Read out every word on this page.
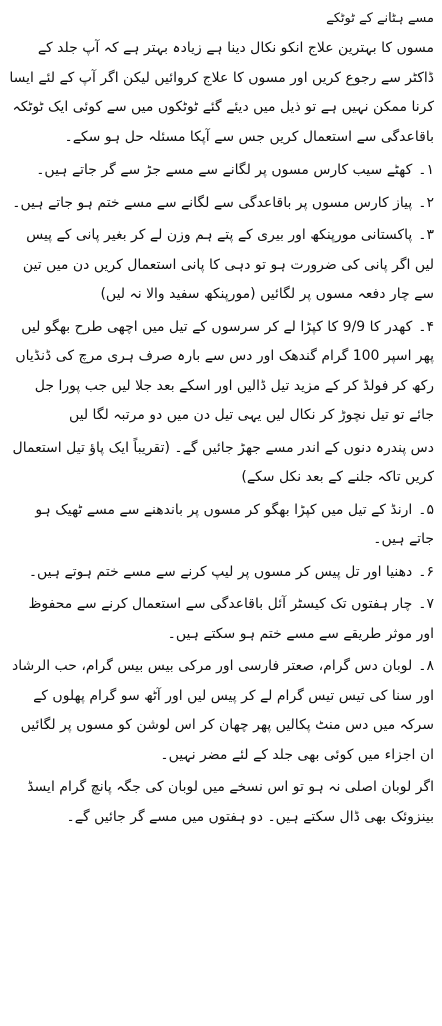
مسے ہٹانے کے ٹوٹکے
مسوں کا بہترین علاج انکو نکال دینا ہے زیادہ بہتر ہے کہ آپ جلد کے ڈاکٹر سے رجوع کریں اور مسوں کا علاج کروائیں لیکن اگر آپ کے لئے ایسا کرنا ممکن نہیں ہے تو ذیل میں دیئے گئے ٹوٹکوں میں سے کوئی ایک ٹوٹکہ باقاعدگی سے استعمال کریں جس سے آپکا مسئلہ حل ہو سکے۔
١۔کھٹے سیب کارس مسوں پر لگانے سے مسے جڑ سے گر جاتے ہیں۔
٢۔پیاز کارس مسوں پر باقاعدگی سے لگانے سے مسے ختم ہو جاتے ہیں۔
٣۔پاکستانی مورپنکھ اور بیری کے پتے ہم وزن لے کر بغیر پانی کے پیس لیں اگر پانی کی ضرورت ہو تو دہی کا پانی استعمال کریں دن میں تین سے چار دفعہ مسوں پر لگائیں (مورپنکھ سفید والا نہ لیں)
۴۔کھدر کا 9/9 کا کپڑا لے کر سرسوں کے تیل میں اچھی طرح بھگو لیں پھر اسپر 100 گرام گندھک اور دس سے بارہ صرف ہری مرچ کی ڈنڈیاں رکھ کر فولڈ کر کے مزید تیل ڈالیں اور اسکے بعد جلا لیں جب پورا جل جائے تو تیل نچوڑ کر نکال لیں یہی تیل دن میں دو مرتبہ لگا لیں
دس پندرہ دنوں کے اندر مسے جھڑ جائیں گے۔ (تقریباً ایک پاؤ تیل استعمال کریں تاکہ جلنے کے بعد نکل سکے)
۵۔ارنڈ کے تیل میں کپڑا بھگو کر مسوں پر باندھنے سے مسے ٹھیک ہو جاتے ہیں۔
۶۔دھنیا اور تل پیس کر مسوں پر لیپ کرنے سے مسے ختم ہوتے ہیں۔
۷۔چار ہفتوں تک کیسٹر آئل باقاعدگی سے استعمال کرنے سے محفوظ اور موثر طریقے سے مسے ختم ہو سکتے ہیں۔
٨۔لوبان دس گرام، صعتر فارسی اور مرکی بیس بیس گرام، حب الرشاد اور سنا کی تیس تیس گرام لے کر پیس لیں اور آٹھ سو گرام پھلوں کے سرکہ میں دس منٹ پکالیں پھر چھان کر اس لوشن کو مسوں پر لگائیں ان اجزاء میں کوئی بھی جلد کے لئے مضر نہیں۔
اگر لوبان اصلی نہ ہو تو اس نسخے میں لوبان کی جگہ پانچ گرام ایسڈ بینزوئک بھی ڈال سکتے ہیں۔ دو ہفتوں میں مسے گر جائیں گے۔
